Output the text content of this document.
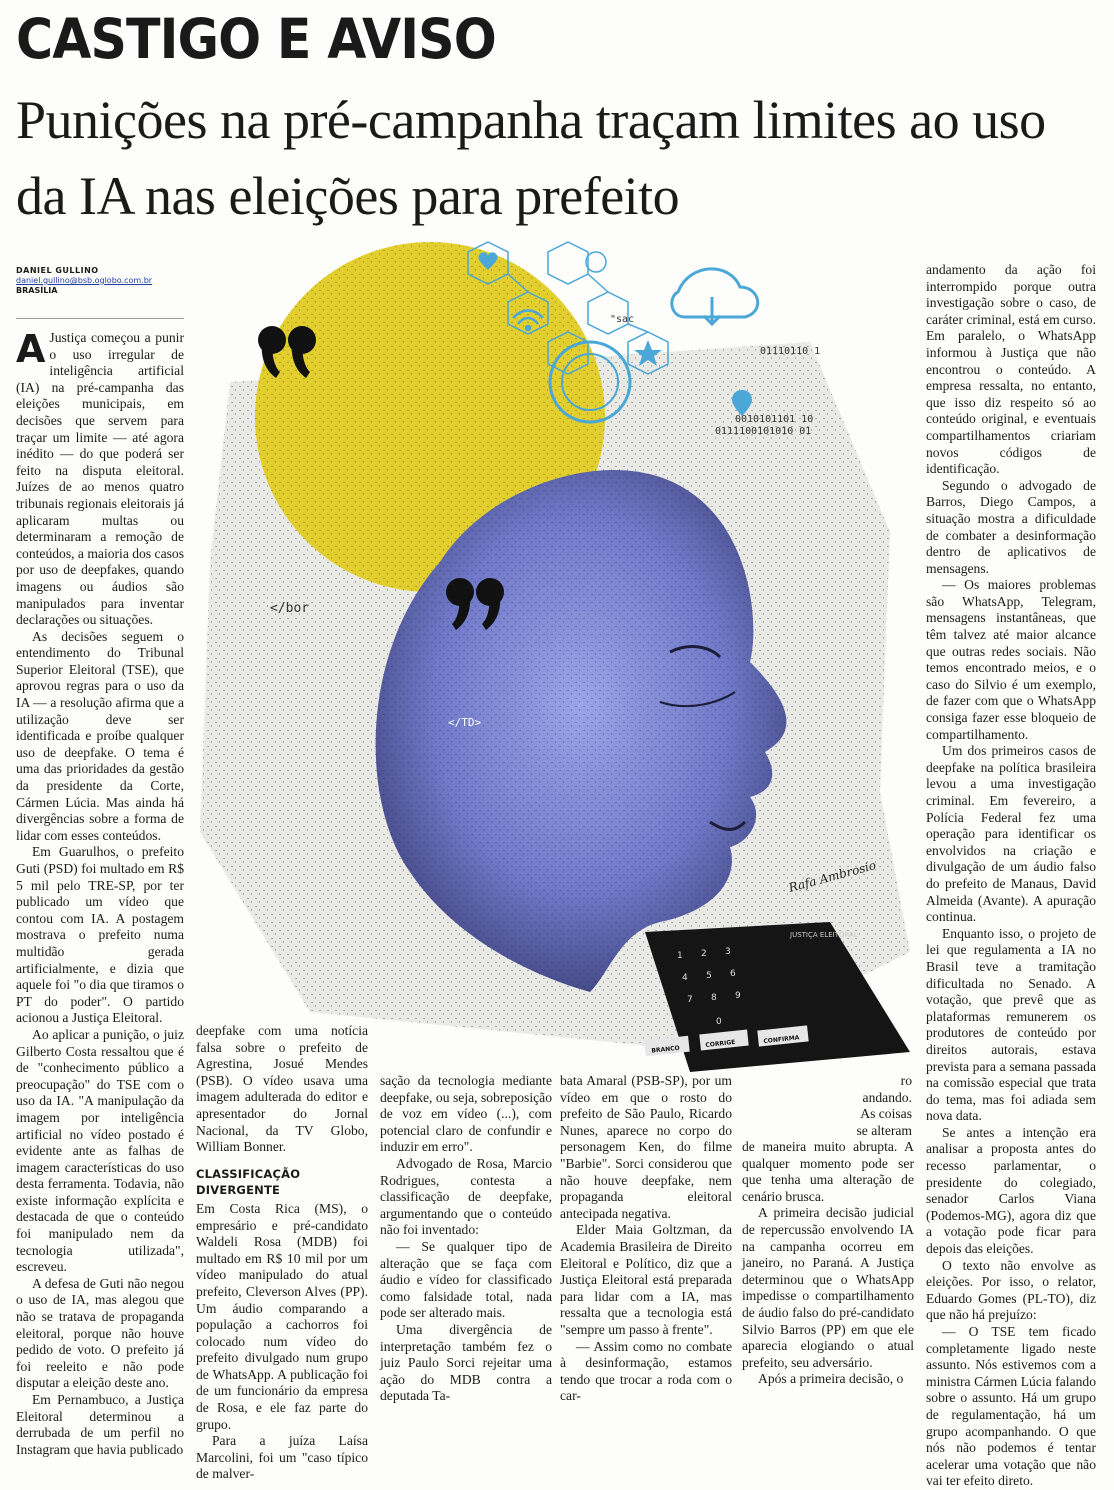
CASTIGO E AVISO
Punições na pré-campanha traçam limites ao uso da IA nas eleições para prefeito
DANIEL GULLINO
daniel.gullino@bsb.oglobo.com.br
BRASÍLIA
01110110 1
0111100101010 01
0010101101 10
</bor
</TD>
"sac
Rafa Ambrosio
JUSTIÇA ELEITORAL
1 2 3
4 5 6
7 8 9
0
BRANCO
CORRIGE	CONFIRMA
A Justiça começou a punir o uso irregular de inteligência artificial (IA) na pré-campanha das eleições municipais, em decisões que servem para traçar um limite — até agora inédito — do que poderá ser feito na disputa eleitoral. Juízes de ao menos quatro tribunais regionais eleitorais já aplicaram multas ou determinaram a remoção de conteúdos, a maioria dos casos por uso de deepfakes, quando imagens ou áudios são manipulados para inventar declarações ou situações.

As decisões seguem o entendimento do Tribunal Superior Eleitoral (TSE), que aprovou regras para o uso da IA — a resolução afirma que a utilização deve ser identificada e proíbe qualquer uso de deepfake. O tema é uma das prioridades da gestão da presidente da Corte, Cármen Lúcia. Mas ainda há divergências sobre a forma de lidar com esses conteúdos.

Em Guarulhos, o prefeito Guti (PSD) foi multado em R$ 5 mil pelo TRE-SP, por ter publicado um vídeo que contou com IA. A postagem mostrava o prefeito numa multidão gerada artificialmente, e dizia que aquele foi "o dia que tiramos o PT do poder". O partido acionou a Justiça Eleitoral.

Ao aplicar a punição, o juiz Gilberto Costa ressaltou que é de "conhecimento público a preocupação" do TSE com o uso da IA. "A manipulação da imagem por inteligência artificial no vídeo postado é evidente ante as falhas de imagem características do uso desta ferramenta. Todavia, não existe informação explícita e destacada de que o conteúdo foi manipulado nem da tecnologia utilizada", escreveu.

A defesa de Guti não negou o uso de IA, mas alegou que não se tratava de propaganda eleitoral, porque não houve pedido de voto. O prefeito já foi reeleito e não pode disputar a eleição deste ano.

Em Pernambuco, a Justiça Eleitoral determinou a derrubada de um perfil no Instagram que havia publicado

deepfake com uma notícia falsa sobre o prefeito de Agrestina, Josué Mendes (PSB). O vídeo usava uma imagem adulterada do editor e apresentador do Jornal Nacional, da TV Globo, William Bonner.

CLASSIFICAÇÃO DIVERGENTE

Em Costa Rica (MS), o empresário e pré-candidato Waldeli Rosa (MDB) foi multado em R$ 10 mil por um vídeo manipulado do atual prefeito, Cleverson Alves (PP). Um áudio comparando a população a cachorros foi colocado num vídeo do prefeito divulgado num grupo de WhatsApp. A publicação foi de um funcionário da empresa de Rosa, e ele faz parte do grupo.

Para a juíza Laísa Marcolini, foi um "caso típico de malver-

sação da tecnologia mediante deepfake, ou seja, sobreposição de voz em vídeo (...), com potencial claro de confundir e induzir em erro".

Advogado de Rosa, Marcio Rodrigues, contesta a classificação de deepfake, argumentando que o conteúdo não foi inventado:

— Se qualquer tipo de alteração que se faça com áudio e vídeo for classificado como falsidade total, nada pode ser alterado mais.

Uma divergência de interpretação também fez o juiz Paulo Sorci rejeitar uma ação do MDB contra a deputada Ta-

bata Amaral (PSB-SP), por um vídeo em que o rosto do prefeito de São Paulo, Ricardo Nunes, aparece no corpo do personagem Ken, do filme "Barbie". Sorci considerou que não houve deepfake, nem propaganda eleitoral antecipada negativa.

Elder Maia Goltzman, da Academia Brasileira de Direito Eleitoral e Político, diz que a Justiça Eleitoral está preparada para lidar com a IA, mas ressalta que a tecnologia está "sempre um passo à frente".

— Assim como no combate à desinformação, estamos tendo que trocar a roda com o car-

ro andando. As coisas se alteram

de maneira muito abrupta. A qualquer momento pode ser que tenha uma alteração de cenário brusca.

A primeira decisão judicial de repercussão envolvendo IA na campanha ocorreu em janeiro, no Paraná. A Justiça determinou que o WhatsApp impedisse o compartilhamento de áudio falso do pré-candidato Silvio Barros (PP) em que ele aparecia elogiando o atual prefeito, seu adversário.

Após a primeira decisão, o

andamento da ação foi interrompido porque outra investigação sobre o caso, de caráter criminal, está em curso. Em paralelo, o WhatsApp informou à Justiça que não encontrou o conteúdo. A empresa ressalta, no entanto, que isso diz respeito só ao conteúdo original, e eventuais compartilhamentos criariam novos códigos de identificação.

Segundo o advogado de Barros, Diego Campos, a situação mostra a dificuldade de combater a desinformação dentro de aplicativos de mensagens.

— Os maiores problemas são WhatsApp, Telegram, mensagens instantâneas, que têm talvez até maior alcance que outras redes sociais. Não temos encontrado meios, e o caso do Silvio é um exemplo, de fazer com que o WhatsApp consiga fazer esse bloqueio de compartilhamento.

Um dos primeiros casos de deepfake na política brasileira levou a uma investigação criminal. Em fevereiro, a Polícia Federal fez uma operação para identificar os envolvidos na criação e divulgação de um áudio falso do prefeito de Manaus, David Almeida (Avante). A apuração continua.

Enquanto isso, o projeto de lei que regulamenta a IA no Brasil teve a tramitação dificultada no Senado. A votação, que prevê que as plataformas remunerem os produtores de conteúdo por direitos autorais, estava prevista para a semana passada na comissão especial que trata do tema, mas foi adiada sem nova data.

Se antes a intenção era analisar a proposta antes do recesso parlamentar, o presidente do colegiado, senador Carlos Viana (Podemos-MG), agora diz que a votação pode ficar para depois das eleições.

O texto não envolve as eleições. Por isso, o relator, Eduardo Gomes (PL-TO), diz que não há prejuízo:

— O TSE tem ficado completamente ligado neste assunto. Nós estivemos com a ministra Cármen Lúcia falando sobre o assunto. Há um grupo de regulamentação, há um grupo acompanhando. O que nós não podemos é tentar acelerar uma votação que não vai ter efeito direto.
